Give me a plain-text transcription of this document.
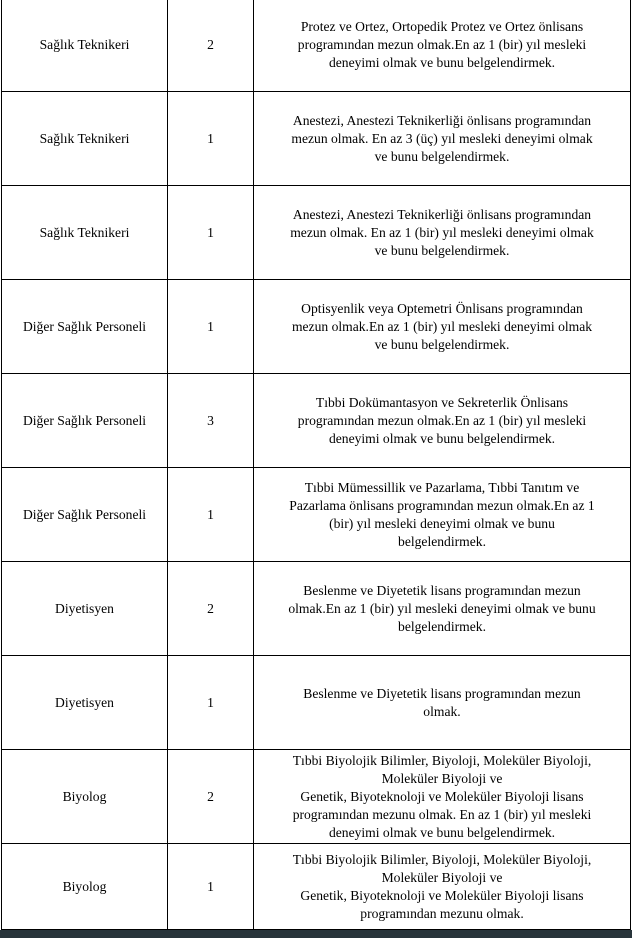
Sağlık Teknikeri	2	Protez ve Ortez, Ortopedik Protez ve Ortez önlisans
programından mezun olmak.En az 1 (bir) yıl mesleki
deneyimi olmak ve bunu belgelendirmek.
Sağlık Teknikeri	1	Anestezi, Anestezi Teknikerliği önlisans programından
mezun olmak. En az 3 (üç) yıl mesleki deneyimi olmak
ve bunu belgelendirmek.
Sağlık Teknikeri	1	Anestezi, Anestezi Teknikerliği önlisans programından
mezun olmak. En az 1 (bir) yıl mesleki deneyimi olmak
ve bunu belgelendirmek.
Diğer Sağlık Personeli	1	Optisyenlik veya Optemetri Önlisans programından
mezun olmak.En az 1 (bir) yıl mesleki deneyimi olmak
ve bunu belgelendirmek.
Diğer Sağlık Personeli	3	Tıbbi Dokümantasyon ve Sekreterlik Önlisans
programından mezun olmak.En az 1 (bir) yıl mesleki
deneyimi olmak ve bunu belgelendirmek.
Diğer Sağlık Personeli	1	Tıbbi Mümessillik ve Pazarlama, Tıbbi Tanıtım ve
Pazarlama önlisans programından mezun olmak.En az 1
(bir) yıl mesleki deneyimi olmak ve bunu
belgelendirmek.
Diyetisyen	2	Beslenme ve Diyetetik lisans programından mezun
olmak.En az 1 (bir) yıl mesleki deneyimi olmak ve bunu
belgelendirmek.
Diyetisyen	1	Beslenme ve Diyetetik lisans programından mezun
olmak.
Biyolog	2	Tıbbi Biyolojik Bilimler, Biyoloji, Moleküler Biyoloji,
Moleküler Biyoloji ve
Genetik, Biyoteknoloji ve Moleküler Biyoloji lisans
programından mezunu olmak. En az 1 (bir) yıl mesleki
deneyimi olmak ve bunu belgelendirmek.
Biyolog	1	Tıbbi Biyolojik Bilimler, Biyoloji, Moleküler Biyoloji,
Moleküler Biyoloji ve
Genetik, Biyoteknoloji ve Moleküler Biyoloji lisans
programından mezunu olmak.
